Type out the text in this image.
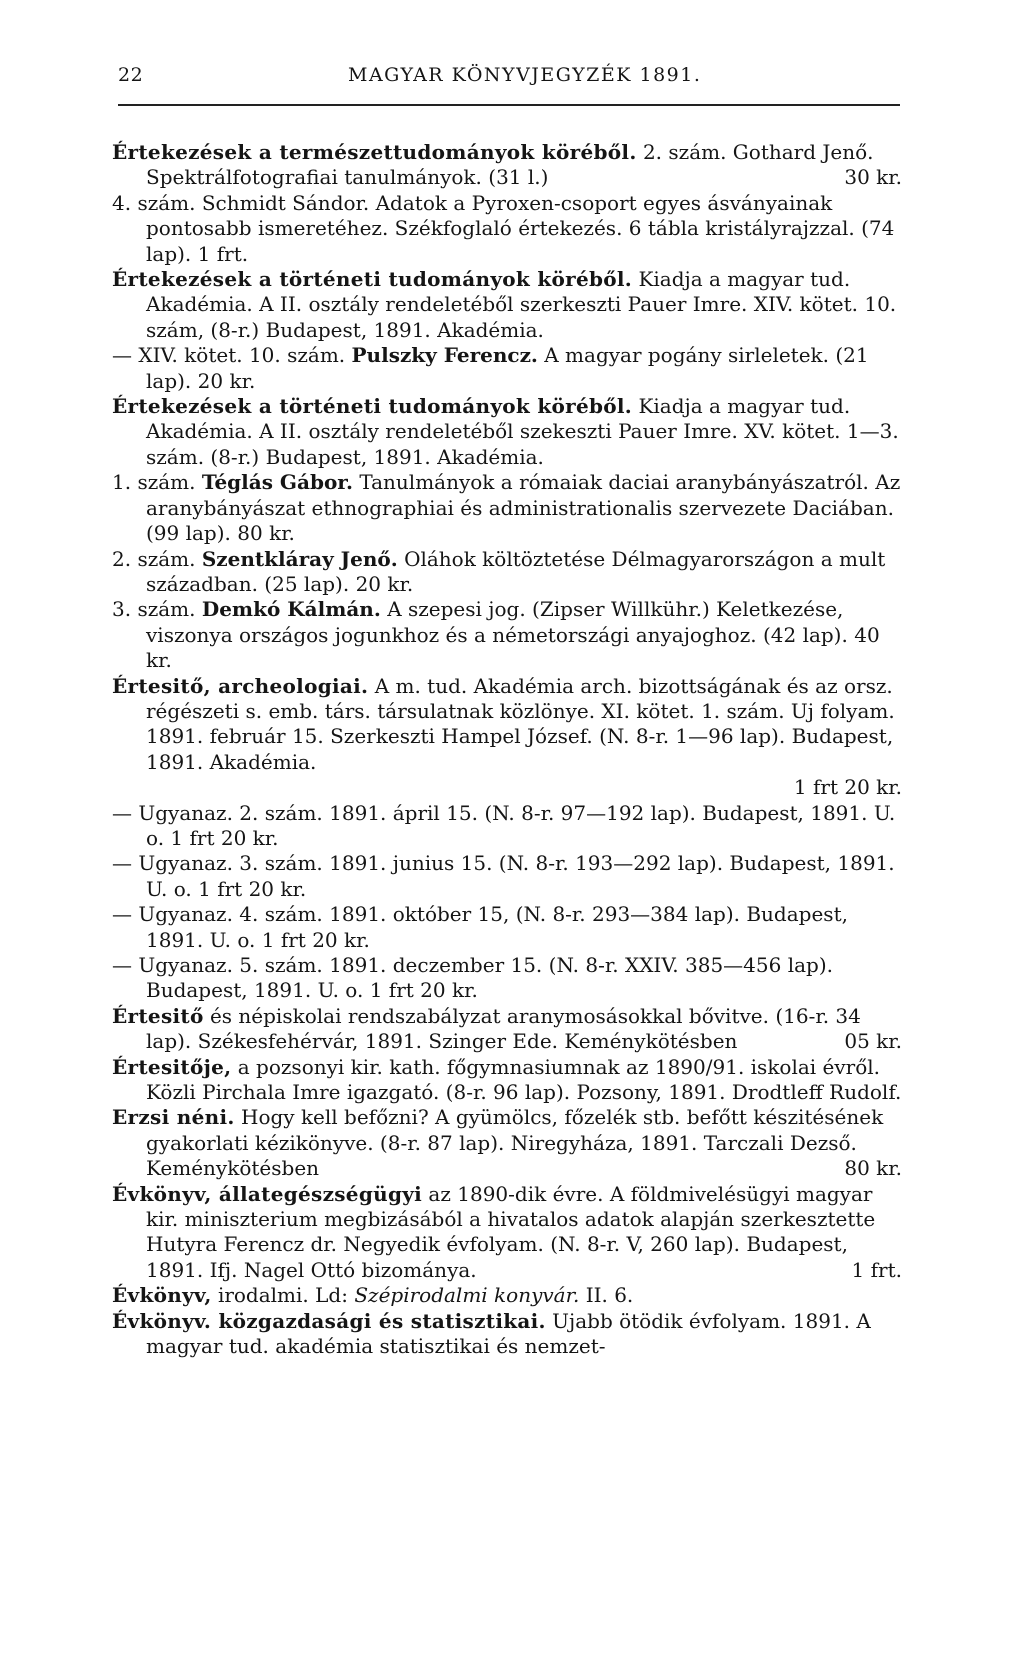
22	MAGYAR KÖNYVJEGYZÉK 1891.

Értekezések a természettudományok köréből. 2. szám. Gothard Jenő. Spektrálfotografiai tanulmányok. (31 l.)	30 kr.

4. szám. Schmidt Sándor. Adatok a Pyroxen-csoport egyes ásványainak pontosabb ismeretéhez. Székfoglaló értekezés. 6 tábla kristályrajzzal. (74 lap). 1 frt.

Értekezések a történeti tudományok köréből. Kiadja a magyar tud. Akadémia. A II. osztály rendeletéből szerkeszti Pauer Imre. XIV. kötet. 10. szám, (8-r.) Budapest, 1891. Akadémia.

— XIV. kötet. 10. szám. Pulszky Ferencz. A magyar pogány sirleletek. (21 lap). 20 kr.

Értekezések a történeti tudományok köréből. Kiadja a magyar tud. Akadémia. A II. osztály rendeletéből szekeszti Pauer Imre. XV. kötet. 1—3. szám. (8-r.) Budapest, 1891. Akadémia.

1. szám. Téglás Gábor. Tanulmányok a rómaiak daciai aranybányászatról. Az aranybányászat ethnographiai és administrationalis szervezete Daciában. (99 lap). 80 kr.

2. szám. Szentkláray Jenő. Oláhok költöztetése Délmagyarországon a mult században. (25 lap). 20 kr.

3. szám. Demkó Kálmán. A szepesi jog. (Zipser Willkühr.) Keletkezése, viszonya országos jogunkhoz és a németországi anyajoghoz. (42 lap). 40 kr.

Értesitő, archeologiai. A m. tud. Akadémia arch. bizottságának és az orsz. régészeti s. emb. társ. társulatnak közlönye. XI. kötet. 1. szám. Uj folyam. 1891. február 15. Szerkeszti Hampel József. (N. 8-r. 1—96 lap). Budapest, 1891. Akadémia.

1 frt 20 kr.

— Ugyanaz. 2. szám. 1891. ápril 15. (N. 8-r. 97—192 lap). Budapest, 1891. U. o. 1 frt 20 kr.

— Ugyanaz. 3. szám. 1891. junius 15. (N. 8-r. 193—292 lap). Budapest, 1891. U. o. 1 frt 20 kr.

— Ugyanaz. 4. szám. 1891. október 15, (N. 8-r. 293—384 lap). Budapest, 1891. U. o. 1 frt 20 kr.

— Ugyanaz. 5. szám. 1891. deczember 15. (N. 8-r. XXIV. 385—456 lap). Budapest, 1891. U. o. 1 frt 20 kr.

Értesitő és népiskolai rendszabályzat aranymosásokkal bővitve. (16-r. 34 lap). Székesfehérvár, 1891. Szinger Ede. Keménykötésben	05 kr.

Értesitője, a pozsonyi kir. kath. főgymnasiumnak az 1890/91. iskolai évről. Közli Pirchala Imre igazgató. (8-r. 96 lap). Pozsony, 1891. Drodtleff Rudolf.

Erzsi néni. Hogy kell befőzni? A gyümölcs, főzelék stb. befőtt készitésének gyakorlati kézikönyve. (8-r. 87 lap). Niregyháza, 1891. Tarczali Dezső. Keménykötésben	80 kr.

Évkönyv, állategészségügyi az 1890-dik évre. A földmivelésügyi magyar kir. miniszterium megbizásából a hivatalos adatok alapján szerkesztette Hutyra Ferencz dr. Negyedik évfolyam. (N. 8-r. V, 260 lap). Budapest, 1891. Ifj. Nagel Ottó bizománya.	1 frt.

Évkönyv, irodalmi. Ld: Szépirodalmi konyvár. II. 6.

Évkönyv. közgazdasági és statisztikai. Ujabb ötödik évfolyam. 1891. A magyar tud. akadémia statisztikai és nemzet-
